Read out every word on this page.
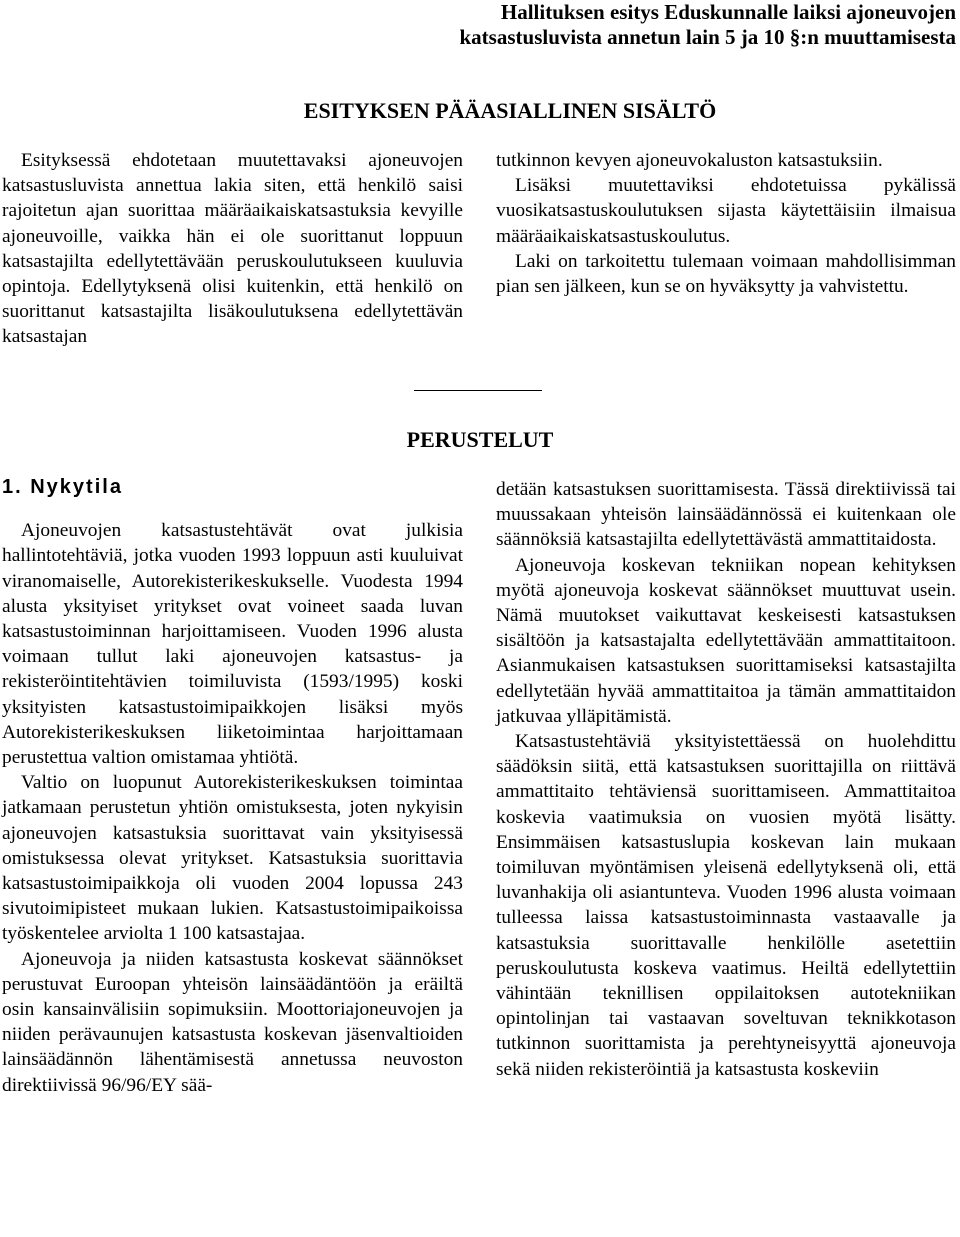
Hallituksen esitys Eduskunnalle laiksi ajoneuvojen
katsastusluvista annetun lain 5 ja 10 §:n muuttamisesta
ESITYKSEN PÄÄASIALLINEN SISÄLTÖ

Esityksessä ehdotetaan muutettavaksi ajoneuvojen katsastusluvista annettua lakia siten, että henkilö saisi rajoitetun ajan suorittaa määräaikaiskatsastuksia kevyille ajoneuvoille, vaikka hän ei ole suorittanut loppuun katsastajilta edellytettävään peruskoulutukseen kuuluvia opintoja. Edellytyksenä olisi kuitenkin, että henkilö on suorittanut katsastajilta lisäkoulutuksena edellytettävän katsastajan

tutkinnon kevyen ajoneuvokaluston katsastuksiin.

Lisäksi muutettaviksi ehdotetuissa pykälissä vuosikatsastuskoulutuksen sijasta käytettäisiin ilmaisua määräaikaiskatsastuskoulutus.

Laki on tarkoitettu tulemaan voimaan mahdollisimman pian sen jälkeen, kun se on hyväksytty ja vahvistettu.

PERUSTELUT

1. Nykytila

Ajoneuvojen katsastustehtävät ovat julkisia hallintotehtäviä, jotka vuoden 1993 loppuun asti kuuluivat viranomaiselle, Autorekisterikeskukselle. Vuodesta 1994 alusta yksityiset yritykset ovat voineet saada luvan katsastustoiminnan harjoittamiseen. Vuoden 1996 alusta voimaan tullut laki ajoneuvojen katsastus- ja rekisteröintitehtävien toimiluvista (1593/1995) koski yksityisten katsastustoimipaikkojen lisäksi myös Autorekisterikeskuksen liiketoimintaa harjoittamaan perustettua valtion omistamaa yhtiötä.

Valtio on luopunut Autorekisterikeskuksen toimintaa jatkamaan perustetun yhtiön omistuksesta, joten nykyisin ajoneuvojen katsastuksia suorittavat vain yksityisessä omistuksessa olevat yritykset. Katsastuksia suorittavia katsastustoimipaikkoja oli vuoden 2004 lopussa 243 sivutoimipisteet mukaan lukien. Katsastustoimipaikoissa työskentelee arviolta 1 100 katsastajaa.

Ajoneuvoja ja niiden katsastusta koskevat säännökset perustuvat Euroopan yhteisön lainsäädäntöön ja eräiltä osin kansainvälisiin sopimuksiin. Moottoriajoneuvojen ja niiden perävaunujen katsastusta koskevan jäsenvaltioiden lainsäädännön lähentämisestä annetussa neuvoston direktiivissä 96/96/EY sää-

detään katsastuksen suorittamisesta. Tässä direktiivissä tai muussakaan yhteisön lainsäädännössä ei kuitenkaan ole säännöksiä katsastajilta edellytettävästä ammattitaidosta.

Ajoneuvoja koskevan tekniikan nopean kehityksen myötä ajoneuvoja koskevat säännökset muuttuvat usein. Nämä muutokset vaikuttavat keskeisesti katsastuksen sisältöön ja katsastajalta edellytettävään ammattitaitoon. Asianmukaisen katsastuksen suorittamiseksi katsastajilta edellytetään hyvää ammattitaitoa ja tämän ammattitaidon jatkuvaa ylläpitämistä.

Katsastustehtäviä yksityistettäessä on huolehdittu säädöksin siitä, että katsastuksen suorittajilla on riittävä ammattitaito tehtäviensä suorittamiseen. Ammattitaitoa koskevia vaatimuksia on vuosien myötä lisätty. Ensimmäisen katsastuslupia koskevan lain mukaan toimiluvan myöntämisen yleisenä edellytyksenä oli, että luvanhakija oli asiantunteva. Vuoden 1996 alusta voimaan tulleessa laissa katsastustoiminnasta vastaavalle ja katsastuksia suorittavalle henkilölle asetettiin peruskoulutusta koskeva vaatimus. Heiltä edellytettiin vähintään teknillisen oppilaitoksen autotekniikan opintolinjan tai vastaavan soveltuvan teknikkotason tutkinnon suorittamista ja perehtyneisyyttä ajoneuvoja sekä niiden rekisteröintiä ja katsastusta koskeviin
